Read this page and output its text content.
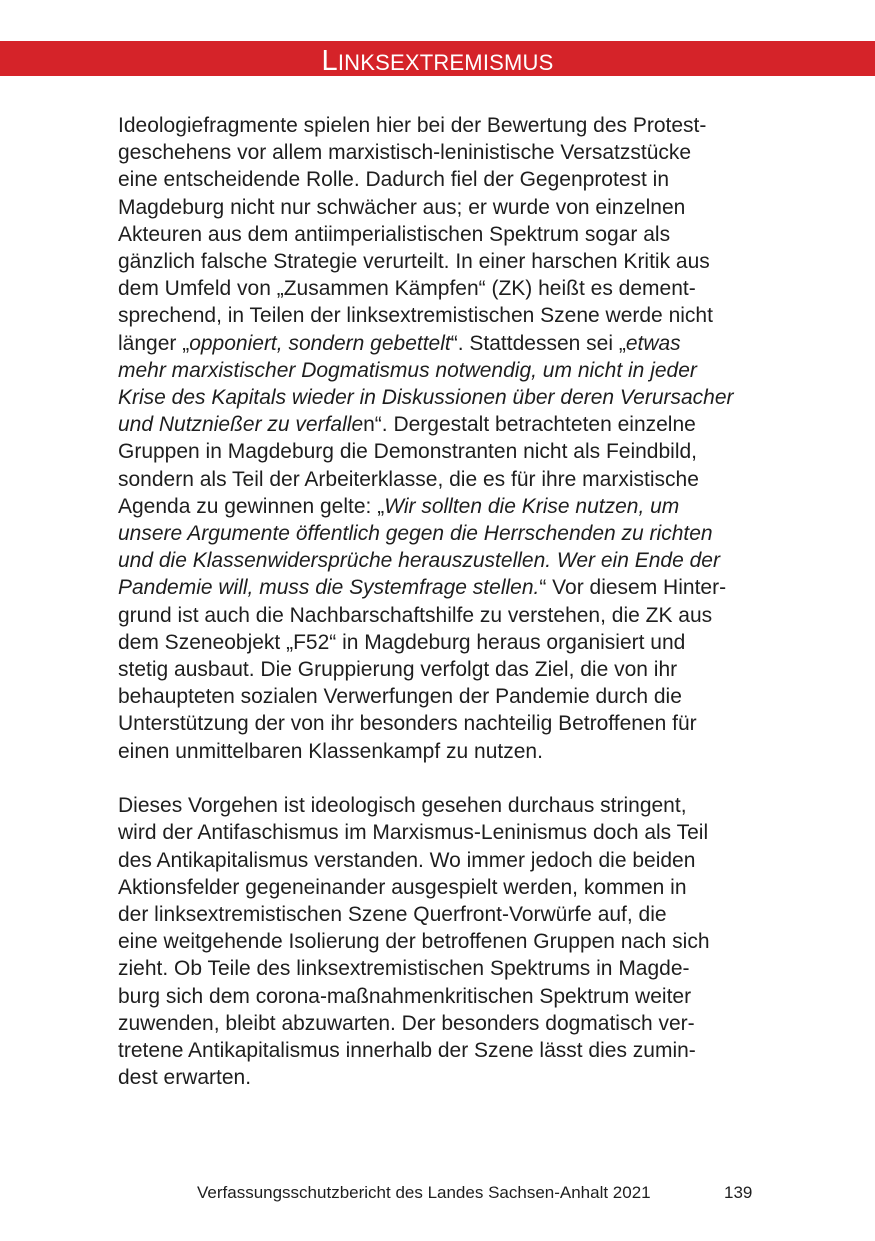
LINKSEXTREMISMUS

Ideologiefragmente spielen hier bei der Bewertung des Protest-

geschehens vor allem marxistisch-leninistische Versatzstücke

eine entscheidende Rolle. Dadurch fiel der Gegenprotest in

Magdeburg nicht nur schwächer aus; er wurde von einzelnen

Akteuren aus dem antiimperialistischen Spektrum sogar als

gänzlich falsche Strategie verurteilt. In einer harschen Kritik aus

dem Umfeld von „Zusammen Kämpfen“ (ZK) heißt es dement-

sprechend, in Teilen der linksextremistischen Szene werde nicht

länger „opponiert, sondern gebettelt“. Stattdessen sei „etwas

mehr marxistischer Dogmatismus notwendig, um nicht in jeder

Krise des Kapitals wieder in Diskussionen über deren Verursacher

und Nutznießer zu verfallen“. Dergestalt betrachteten einzelne

Gruppen in Magdeburg die Demonstranten nicht als Feindbild,

sondern als Teil der Arbeiterklasse, die es für ihre marxistische

Agenda zu gewinnen gelte: „Wir sollten die Krise nutzen, um

unsere Argumente öffentlich gegen die Herrschenden zu richten

und die Klassenwidersprüche herauszustellen. Wer ein Ende der

Pandemie will, muss die Systemfrage stellen.“ Vor diesem Hinter-

grund ist auch die Nachbarschaftshilfe zu verstehen, die ZK aus

dem Szeneobjekt „F52“ in Magdeburg heraus organisiert und

stetig ausbaut. Die Gruppierung verfolgt das Ziel, die von ihr

behaupteten sozialen Verwerfungen der Pandemie durch die

Unterstützung der von ihr besonders nachteilig Betroffenen für

einen unmittelbaren Klassenkampf zu nutzen.

Dieses Vorgehen ist ideologisch gesehen durchaus stringent,

wird der Antifaschismus im Marxismus-Leninismus doch als Teil

des Antikapitalismus verstanden. Wo immer jedoch die beiden

Aktionsfelder gegeneinander ausgespielt werden, kommen in

der linksextremistischen Szene Querfront-Vorwürfe auf, die

eine weitgehende Isolierung der betroffenen Gruppen nach sich

zieht. Ob Teile des linksextremistischen Spektrums in Magde-

burg sich dem corona-maßnahmenkritischen Spektrum weiter

zuwenden, bleibt abzuwarten. Der besonders dogmatisch ver-

tretene Antikapitalismus innerhalb der Szene lässt dies zumin-

dest erwarten.

Verfassungsschutzbericht des Landes Sachsen-Anhalt 2021	139
